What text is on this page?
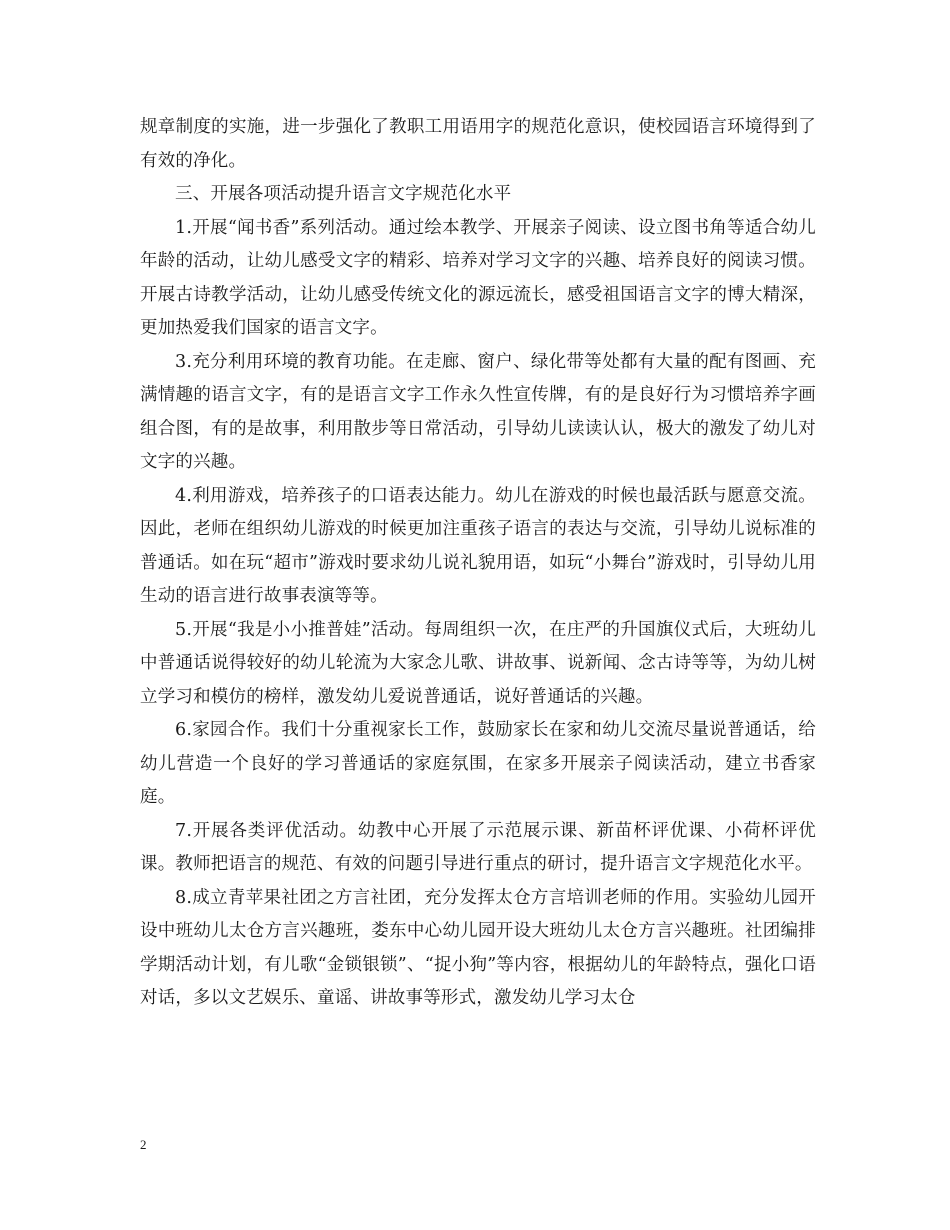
规章制度的实施，进一步强化了教职工用语用字的规范化意识，使校园语言环境得到了有效的净化。

三、开展各项活动提升语言文字规范化水平

1.开展“闻书香”系列活动。通过绘本教学、开展亲子阅读、设立图书角等适合幼儿年龄的活动，让幼儿感受文字的精彩、培养对学习文字的兴趣、培养良好的阅读习惯。开展古诗教学活动，让幼儿感受传统文化的源远流长，感受祖国语言文字的博大精深，更加热爱我们国家的语言文字。

3.充分利用环境的教育功能。在走廊、窗户、绿化带等处都有大量的配有图画、充满情趣的语言文字，有的是语言文字工作永久性宣传牌，有的是良好行为习惯培养字画组合图，有的是故事，利用散步等日常活动，引导幼儿读读认认，极大的激发了幼儿对文字的兴趣。

4.利用游戏，培养孩子的口语表达能力。幼儿在游戏的时候也最活跃与愿意交流。因此，老师在组织幼儿游戏的时候更加注重孩子语言的表达与交流，引导幼儿说标准的普通话。如在玩“超市”游戏时要求幼儿说礼貌用语，如玩“小舞台”游戏时，引导幼儿用生动的语言进行故事表演等等。

5.开展“我是小小推普娃”活动。每周组织一次，在庄严的升国旗仪式后，大班幼儿中普通话说得较好的幼儿轮流为大家念儿歌、讲故事、说新闻、念古诗等等，为幼儿树立学习和模仿的榜样，激发幼儿爱说普通话，说好普通话的兴趣。

6.家园合作。我们十分重视家长工作，鼓励家长在家和幼儿交流尽量说普通话，给幼儿营造一个良好的学习普通话的家庭氛围，在家多开展亲子阅读活动，建立书香家庭。

7.开展各类评优活动。幼教中心开展了示范展示课、新苗杯评优课、小荷杯评优课。教师把语言的规范、有效的问题引导进行重点的研讨，提升语言文字规范化水平。

8.成立青苹果社团之方言社团，充分发挥太仓方言培训老师的作用。实验幼儿园开设中班幼儿太仓方言兴趣班，娄东中心幼儿园开设大班幼儿太仓方言兴趣班。社团编排学期活动计划，有儿歌“金锁银锁”、“捉小狗”等内容，根据幼儿的年龄特点，强化口语对话，多以文艺娱乐、童谣、讲故事等形式，激发幼儿学习太仓

2
